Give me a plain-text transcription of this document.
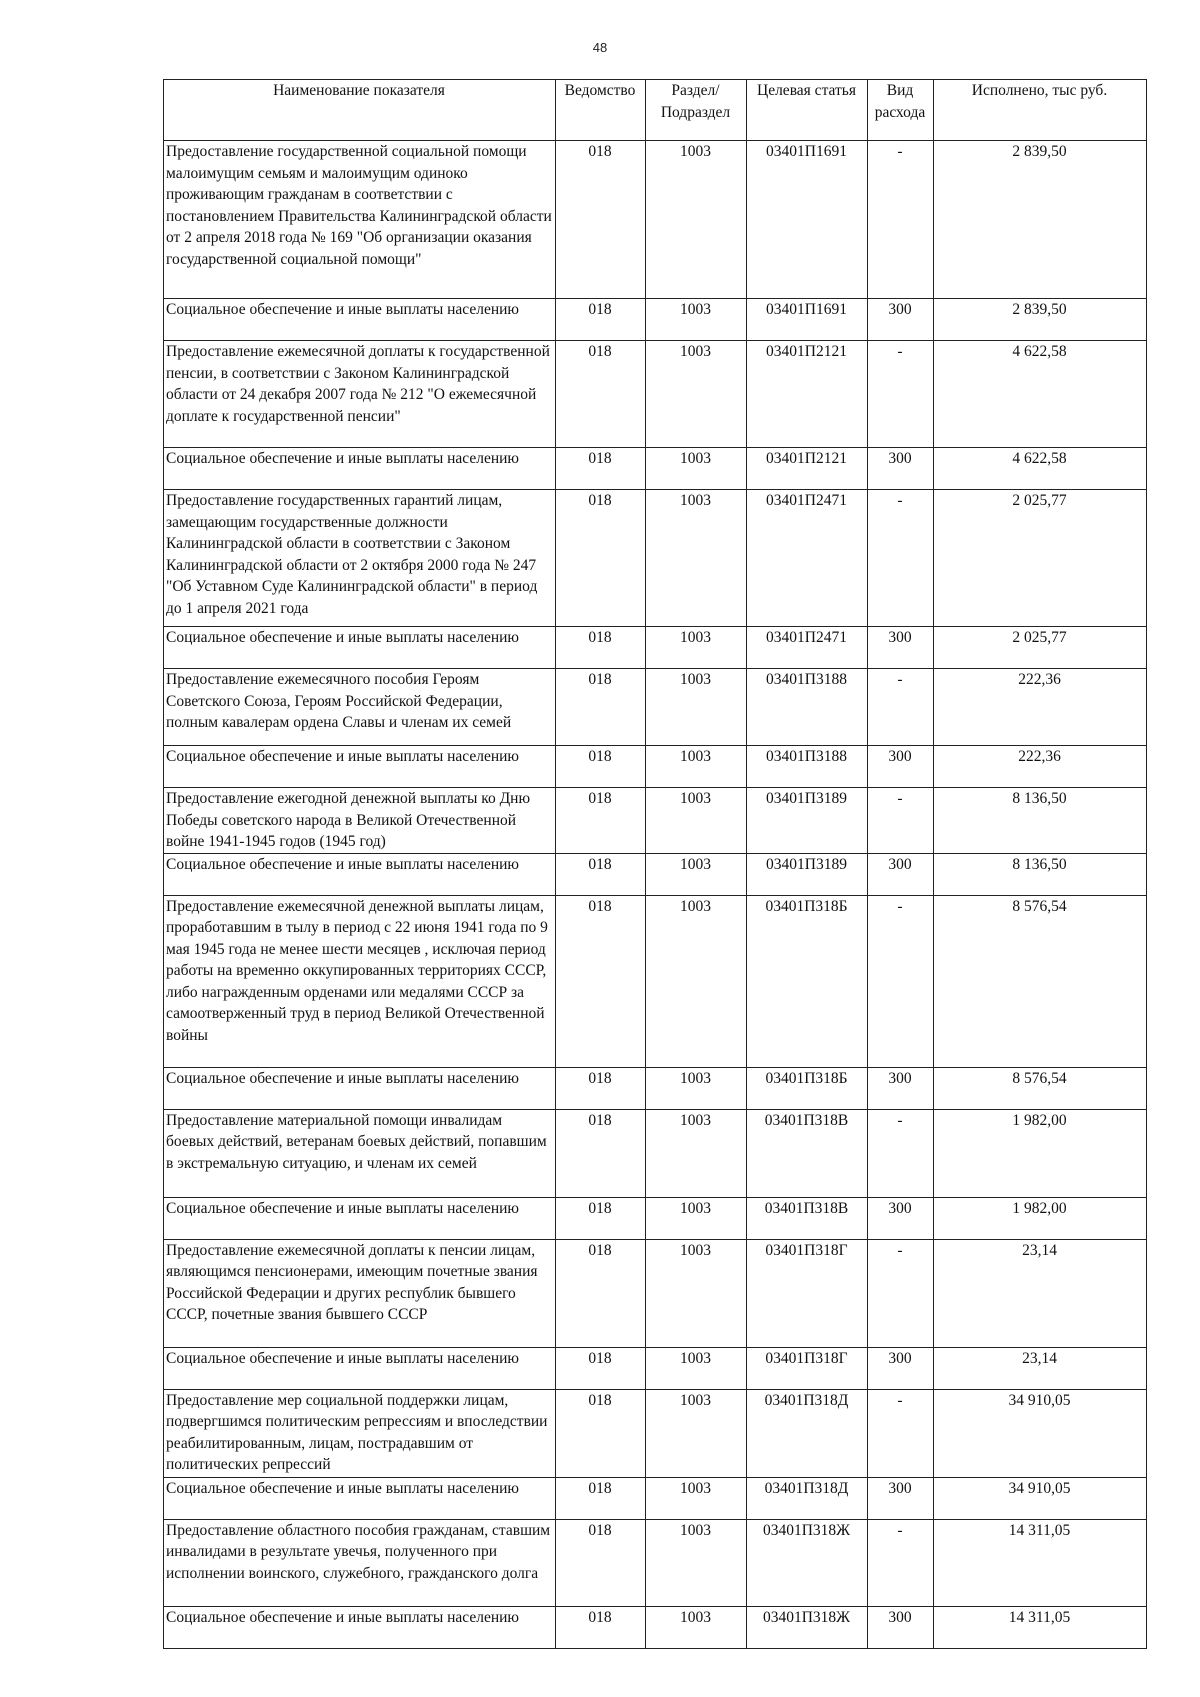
48
Наименование показателя	Ведомство	Раздел/ Подраздел	Целевая статья	Вид расхода	Исполнено, тыс руб.
Предоставление государственной социальной помощи малоимущим семьям и малоимущим одиноко проживающим гражданам в соответствии с постановлением Правительства Калининградской области от 2 апреля 2018 года № 169 "Об организации оказания государственной социальной помощи"	018	1003	03401П1691	-	2 839,50
Социальное обеспечение и иные выплаты населению	018	1003	03401П1691	300	2 839,50
Предоставление ежемесячной доплаты к государственной пенсии, в соответствии с Законом Калининградской области от 24 декабря 2007 года № 212 "О ежемесячной доплате к государственной пенсии"	018	1003	03401П2121	-	4 622,58
Социальное обеспечение и иные выплаты населению	018	1003	03401П2121	300	4 622,58
Предоставление государственных гарантий лицам, замещающим государственные должности Калининградской области в соответствии с Законом Калининградской области от 2 октября 2000 года № 247 "Об Уставном Суде Калининградской области" в период до 1 апреля 2021 года	018	1003	03401П2471	-	2 025,77
Социальное обеспечение и иные выплаты населению	018	1003	03401П2471	300	2 025,77
Предоставление ежемесячного пособия Героям Советского Союза, Героям Российской Федерации, полным кавалерам ордена Славы и членам их семей	018	1003	03401П3188	-	222,36
Социальное обеспечение и иные выплаты населению	018	1003	03401П3188	300	222,36
Предоставление ежегодной денежной выплаты ко Дню Победы советского народа в Великой Отечественной войне 1941-1945 годов (1945 год)	018	1003	03401П3189	-	8 136,50
Социальное обеспечение и иные выплаты населению	018	1003	03401П3189	300	8 136,50
Предоставление ежемесячной денежной выплаты лицам, проработавшим в тылу в период с 22 июня 1941 года по 9 мая 1945 года не менее шести месяцев , исключая период работы на временно оккупированных территориях СССР, либо награжденным орденами или медалями СССР за самоотверженный труд в период Великой Отечественной войны	018	1003	03401П318Б	-	8 576,54
Социальное обеспечение и иные выплаты населению	018	1003	03401П318Б	300	8 576,54
Предоставление материальной помощи инвалидам боевых действий, ветеранам боевых действий, попавшим в экстремальную ситуацию, и членам их семей	018	1003	03401П318В	-	1 982,00
Социальное обеспечение и иные выплаты населению	018	1003	03401П318В	300	1 982,00
Предоставление ежемесячной доплаты к пенсии лицам, являющимся пенсионерами, имеющим почетные звания Российской Федерации и других республик бывшего СССР, почетные звания бывшего СССР	018	1003	03401П318Г	-	23,14
Социальное обеспечение и иные выплаты населению	018	1003	03401П318Г	300	23,14
Предоставление мер социальной поддержки лицам, подвергшимся политическим репрессиям и впоследствии реабилитированным, лицам, пострадавшим от политических репрессий	018	1003	03401П318Д	-	34 910,05
Социальное обеспечение и иные выплаты населению	018	1003	03401П318Д	300	34 910,05
Предоставление областного пособия гражданам, ставшим инвалидами в результате увечья, полученного при исполнении воинского, служебного, гражданского долга	018	1003	03401П318Ж	-	14 311,05
Социальное обеспечение и иные выплаты населению	018	1003	03401П318Ж	300	14 311,05
